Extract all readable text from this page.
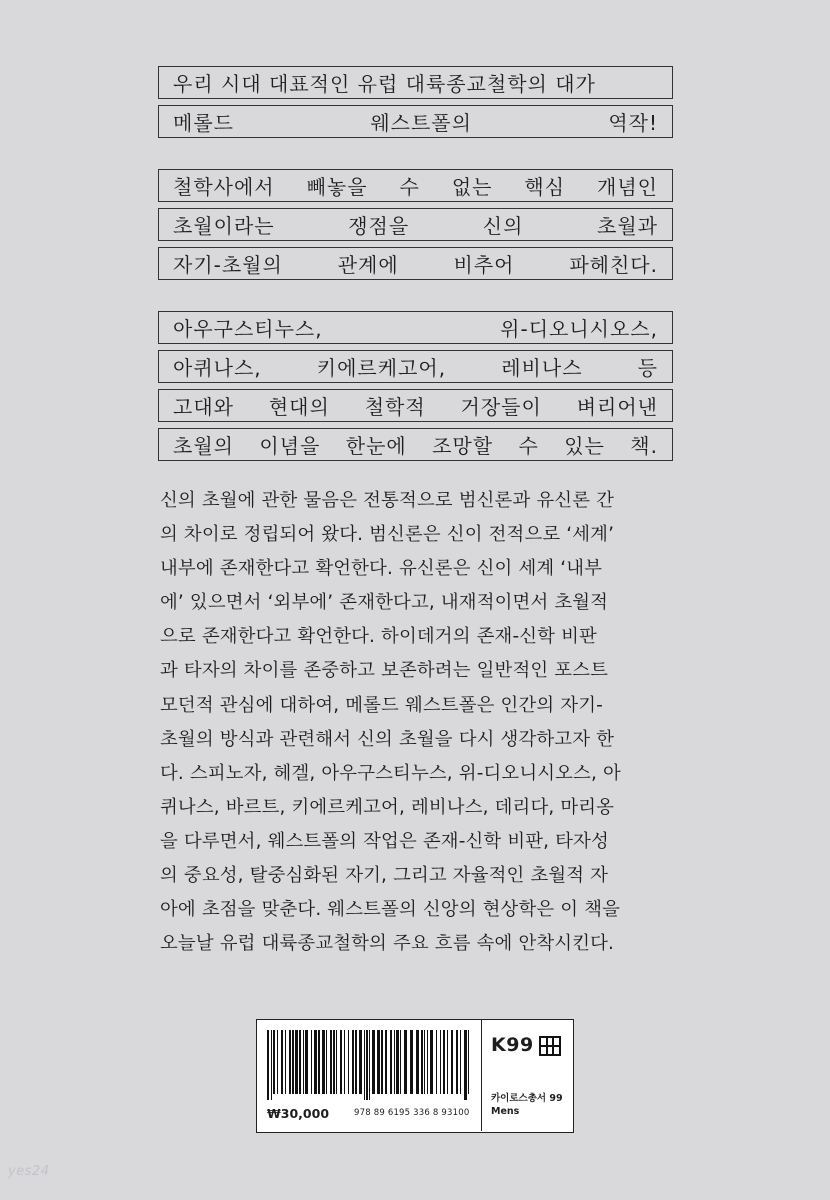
우리 시대 대표적인 유럽 대륙종교철학의 대가
메롤드	웨스트폴의	역작!
철학사에서 빼놓을 수 없는 핵심 개념인
초월이라는	쟁점을	신의	초월과
자기-초월의	관계에	비추어	파헤친다.
아우구스티누스,	위-디오니시오스,
아퀴나스,	키에르케고어,	레비나스	등
고대와 현대의 철학적 거장들이 벼리어낸
초월의 이념을 한눈에 조망할 수 있는 책.

신의 초월에 관한 물음은 전통적으로 범신론과 유신론 간

의 차이로 정립되어 왔다. 범신론은 신이 전적으로 ‘세계’

내부에 존재한다고 확언한다. 유신론은 신이 세계 ‘내부

에’ 있으면서 ‘외부에’ 존재한다고, 내재적이면서 초월적

으로 존재한다고 확언한다. 하이데거의 존재-신학 비판

과 타자의 차이를 존중하고 보존하려는 일반적인 포스트

모던적 관심에 대하여, 메롤드 웨스트폴은 인간의 자기-

초월의 방식과 관련해서 신의 초월을 다시 생각하고자 한

다. 스피노자, 헤겔, 아우구스티누스, 위-디오니시오스, 아

퀴나스, 바르트, 키에르케고어, 레비나스, 데리다, 마리옹

을 다루면서, 웨스트폴의 작업은 존재-신학 비판, 타자성

의 중요성, 탈중심화된 자기, 그리고 자율적인 초월적 자

아에 초점을 맞춘다. 웨스트폴의 신앙의 현상학은 이 책을

오늘날 유럽 대륙종교철학의 주요 흐름 속에 안착시킨다.

₩30,000	978 89 6195 336 8 93100
K99
카이로스총서 99
Mens
yes24
